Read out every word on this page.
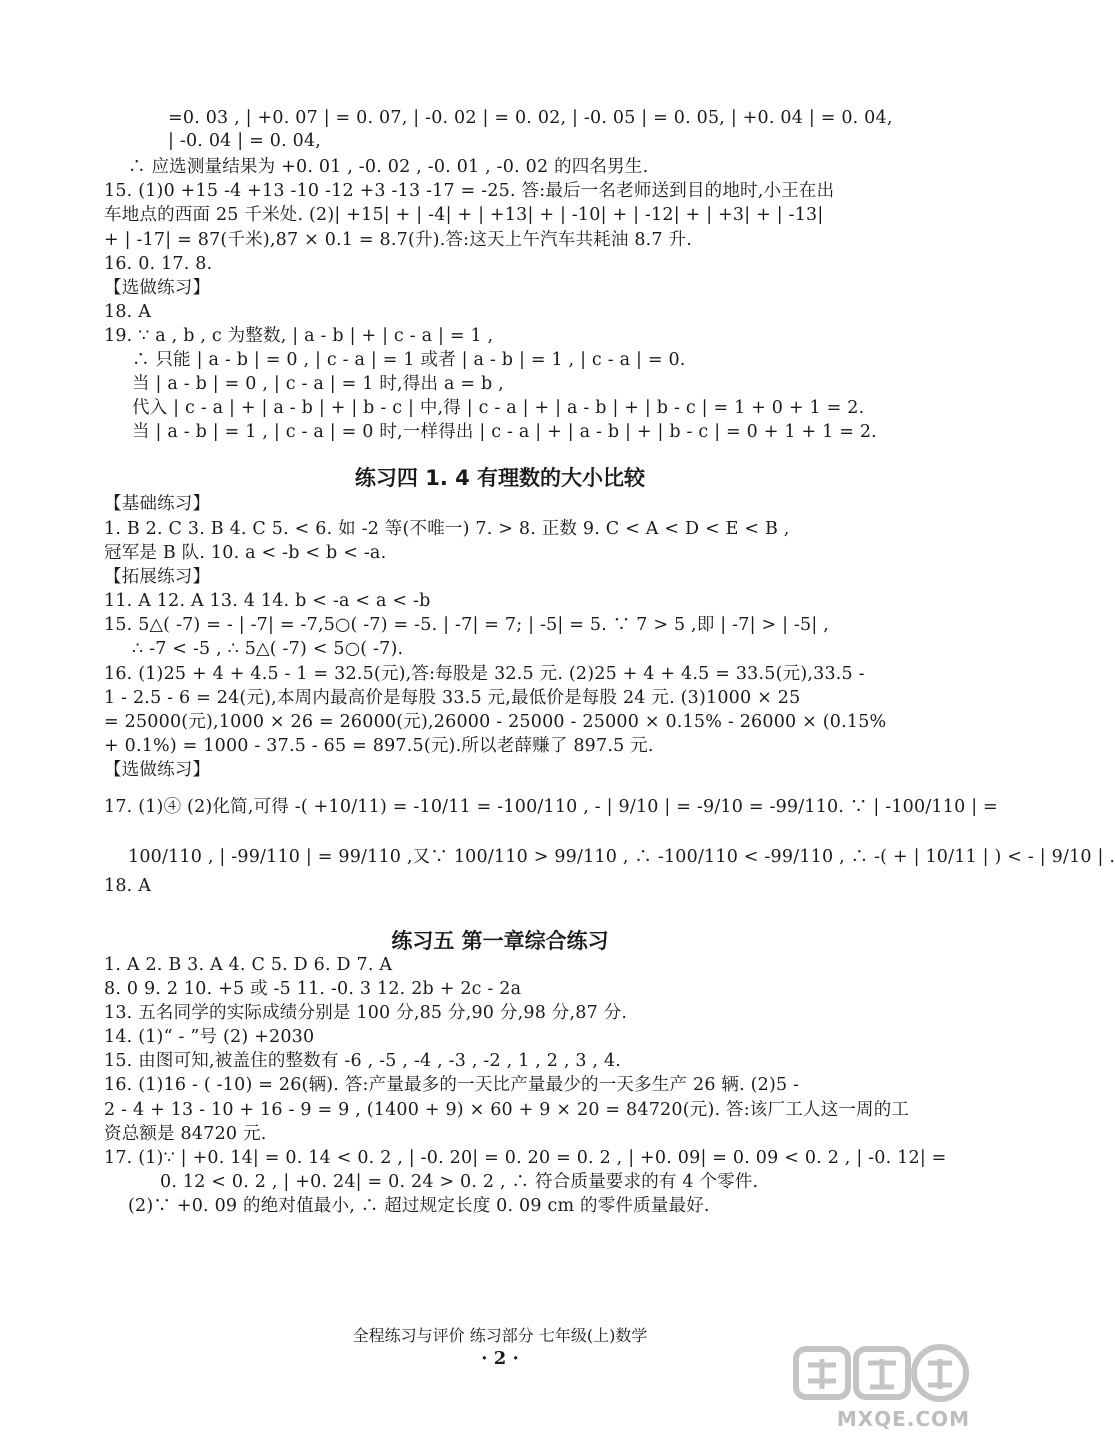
=0. 03 , | +0. 07 | = 0. 07, | -0. 02 | = 0. 02, | -0. 05 | = 0. 05, | +0. 04 | = 0. 04,
| -0. 04 | = 0. 04,
∴ 应选测量结果为 +0. 01 , -0. 02 , -0. 01 , -0. 02 的四名男生.
15. (1)0 +15 -4 +13 -10 -12 +3 -13 -17 = -25. 答:最后一名老师送到目的地时,小王在出
车地点的西面 25 千米处. (2)| +15| + | -4| + | +13| + | -10| + | -12| + | +3| + | -13|
+ | -17| = 87(千米),87 × 0.1 = 8.7(升).答:这天上午汽车共耗油 8.7 升.
16. 0. 17. 8.
【选做练习】
18. A
19. ∵ a , b , c 为整数, | a - b | + | c - a | = 1 ,
∴ 只能 | a - b | = 0 , | c - a | = 1 或者 | a - b | = 1 , | c - a | = 0.
当 | a - b | = 0 , | c - a | = 1 时,得出 a = b ,
代入 | c - a | + | a - b | + | b - c | 中,得 | c - a | + | a - b | + | b - c | = 1 + 0 + 1 = 2.
当 | a - b | = 1 , | c - a | = 0 时,一样得出 | c - a | + | a - b | + | b - c | = 0 + 1 + 1 = 2.
练习四 1. 4 有理数的大小比较
【基础练习】
1. B 2. C 3. B 4. C 5. < 6. 如 -2 等(不唯一) 7. > 8. 正数 9. C < A < D < E < B ,
冠军是 B 队. 10. a < -b < b < -a.
【拓展练习】
11. A 12. A 13. 4 14. b < -a < a < -b
15. 5△( -7) = - | -7| = -7,5○( -7) = -5. | -7| = 7; | -5| = 5. ∵ 7 > 5 ,即 | -7| > | -5| ,
∴ -7 < -5 , ∴ 5△( -7) < 5○( -7).
16. (1)25 + 4 + 4.5 - 1 = 32.5(元),答:每股是 32.5 元. (2)25 + 4 + 4.5 = 33.5(元),33.5 -
1 - 2.5 - 6 = 24(元),本周内最高价是每股 33.5 元,最低价是每股 24 元. (3)1000 × 25
= 25000(元),1000 × 26 = 26000(元),26000 - 25000 - 25000 × 0.15% - 26000 × (0.15%
+ 0.1%) = 1000 - 37.5 - 65 = 897.5(元).所以老薛赚了 897.5 元.
【选做练习】
17. (1)④ (2)化简,可得 -( +10/11) = -10/11 = -100/110 , - | 9/10 | = -9/10 = -99/110. ∵ | -100/110 | =
100/110 , | -99/110 | = 99/110 ,又∵ 100/110 > 99/110 , ∴ -100/110 < -99/110 , ∴ -( + | 10/11 | ) < - | 9/10 | .
18. A
练习五 第一章综合练习
1. A 2. B 3. A 4. C 5. D 6. D 7. A
8. 0 9. 2 10. +5 或 -5 11. -0. 3 12. 2b + 2c - 2a
13. 五名同学的实际成绩分别是 100 分,85 分,90 分,98 分,87 分.
14. (1)“ - ”号 (2) +2030
15. 由图可知,被盖住的整数有 -6 , -5 , -4 , -3 , -2 , 1 , 2 , 3 , 4.
16. (1)16 - ( -10) = 26(辆). 答:产量最多的一天比产量最少的一天多生产 26 辆. (2)5 -
2 - 4 + 13 - 10 + 16 - 9 = 9 , (1400 + 9) × 60 + 9 × 20 = 84720(元). 答:该厂工人这一周的工
资总额是 84720 元.
17. (1)∵ | +0. 14| = 0. 14 < 0. 2 , | -0. 20| = 0. 20 = 0. 2 , | +0. 09| = 0. 09 < 0. 2 , | -0. 12| =
0. 12 < 0. 2 , | +0. 24| = 0. 24 > 0. 2 , ∴ 符合质量要求的有 4 个零件.
(2)∵ +0. 09 的绝对值最小, ∴ 超过规定长度 0. 09 cm 的零件质量最好.
全程练习与评价 练习部分 七年级(上)数学
· 2 ·
MXQE.COM
